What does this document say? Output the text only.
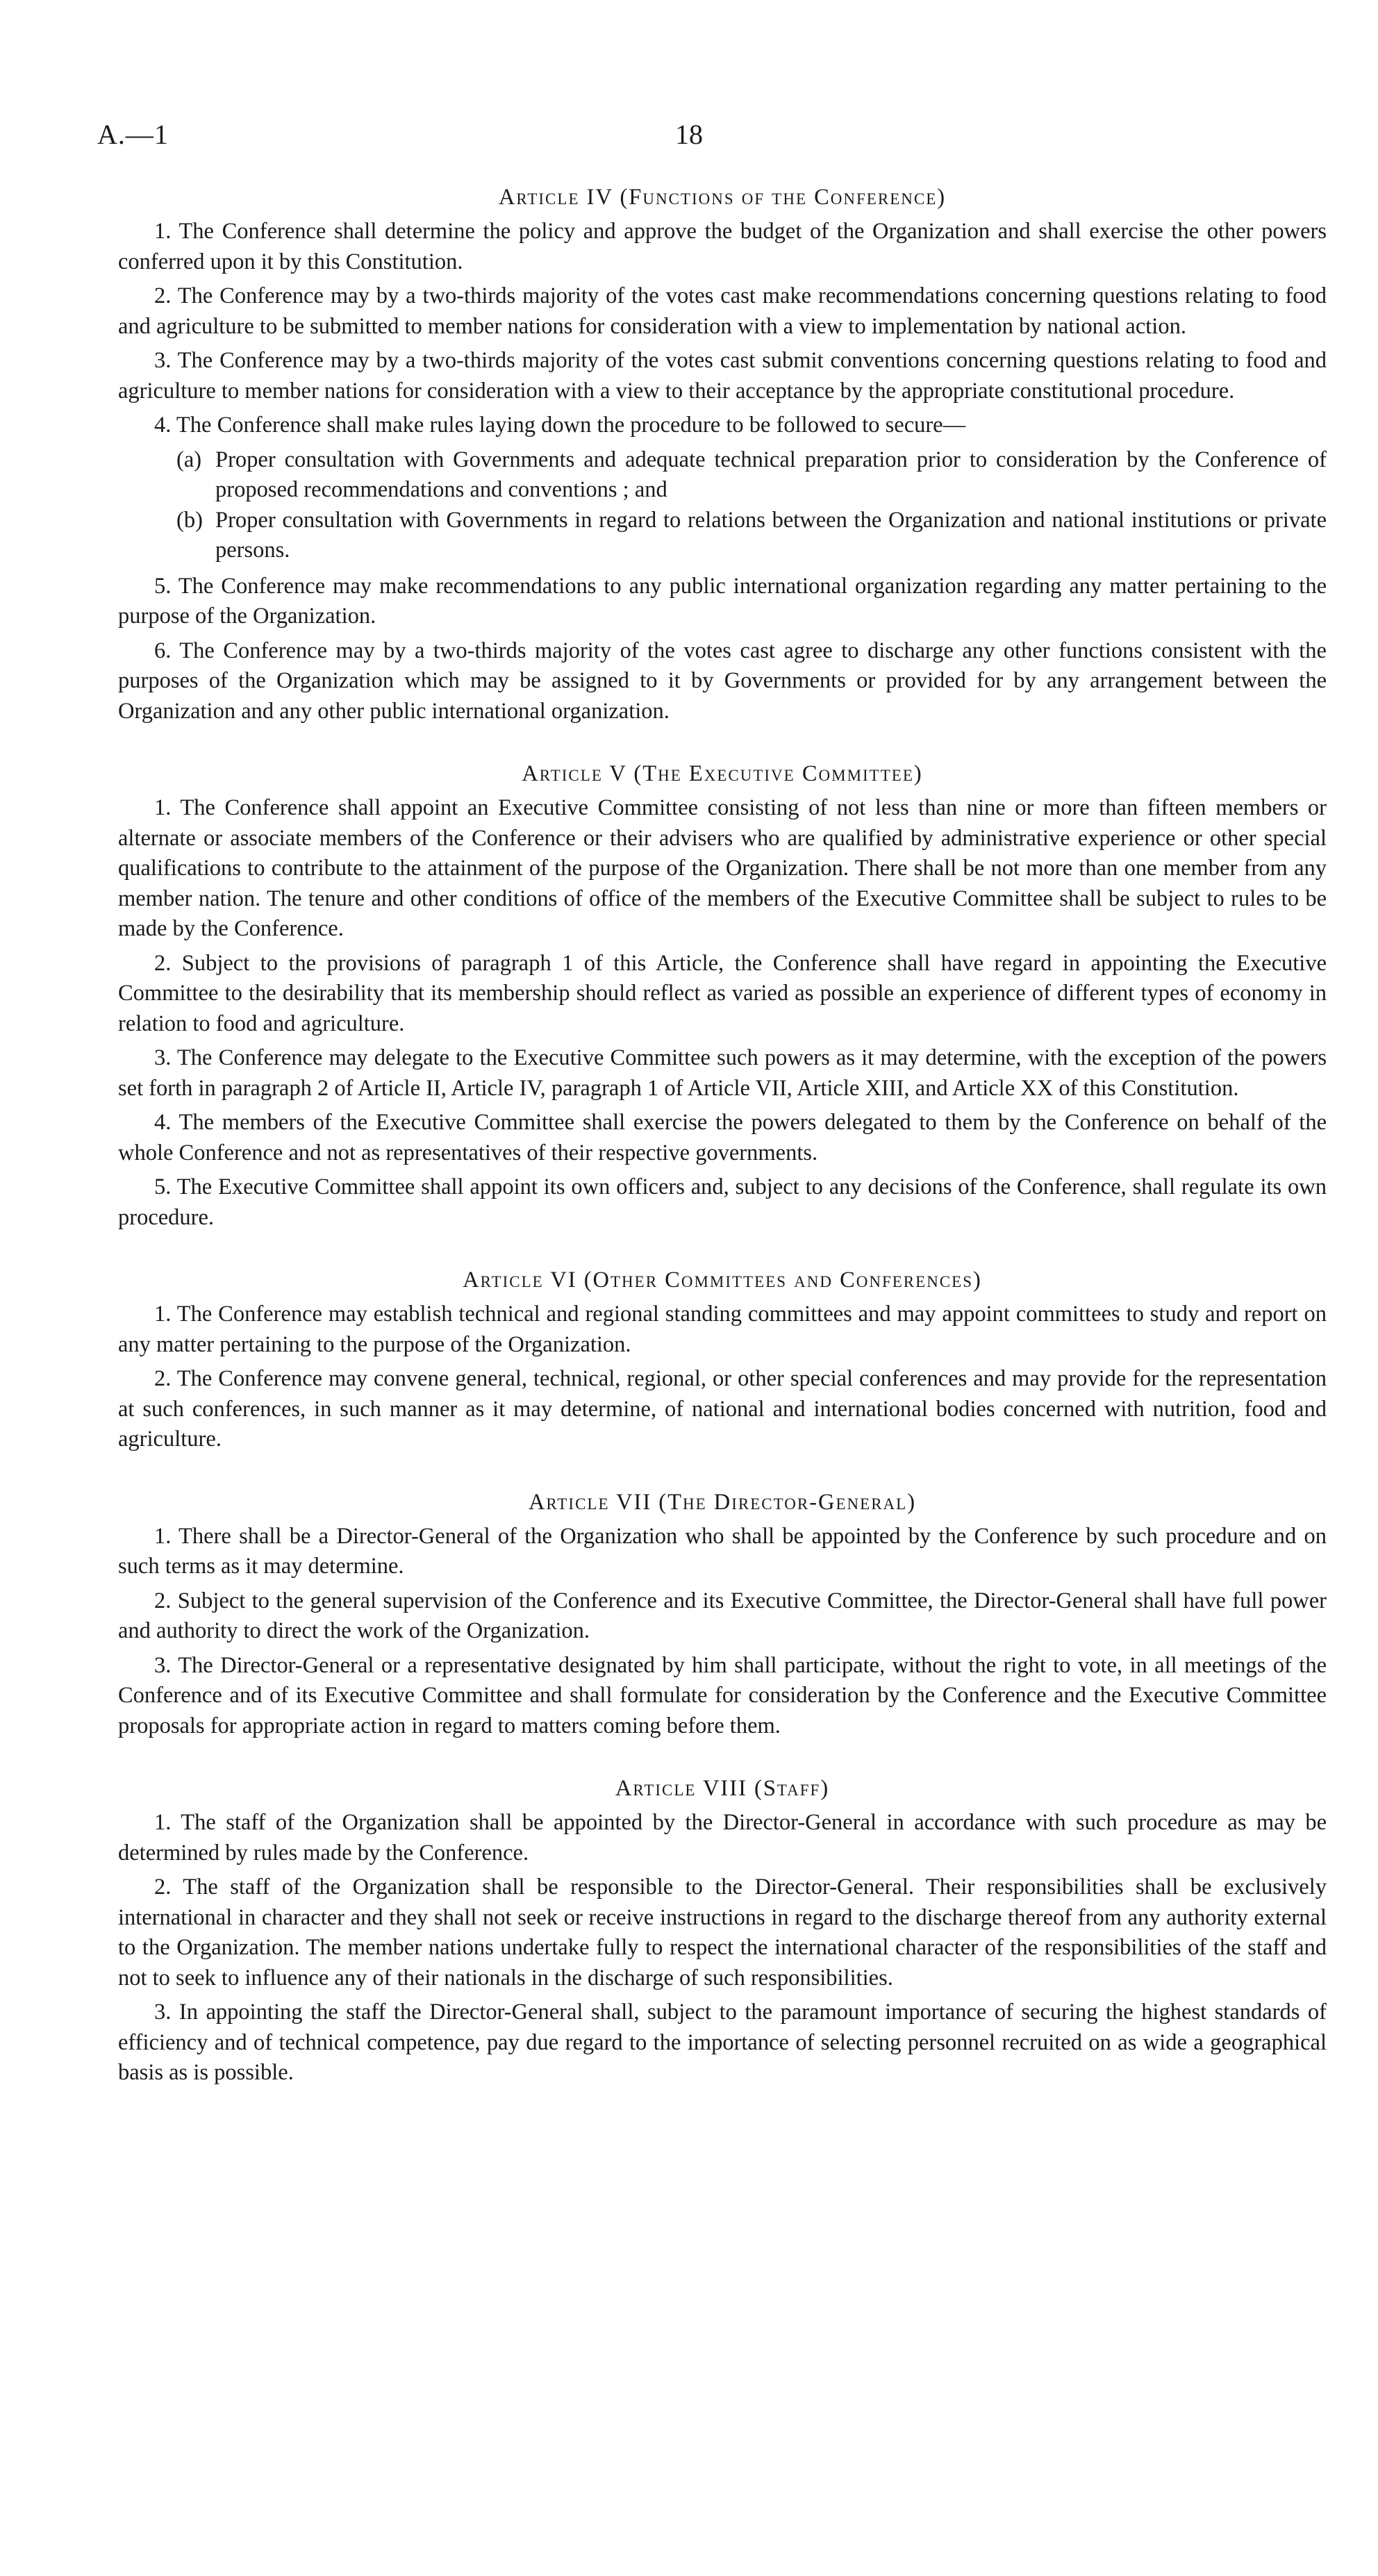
A.—1	18
Article IV (Functions of the Conference)

1. The Conference shall determine the policy and approve the budget of the Organization and shall exercise the other powers conferred upon it by this Constitution.

2. The Conference may by a two-thirds majority of the votes cast make recommendations concerning questions relating to food and agriculture to be submitted to member nations for consideration with a view to implementation by national action.

3. The Conference may by a two-thirds majority of the votes cast submit conventions concerning questions relating to food and agriculture to member nations for consideration with a view to their acceptance by the appropriate constitutional procedure.

4. The Conference shall make rules laying down the procedure to be followed to secure—

(a) Proper consultation with Governments and adequate technical preparation prior to consideration by the Conference of proposed recommendations and conventions ; and

(b) Proper consultation with Governments in regard to relations between the Organization and national institutions or private persons.

5. The Conference may make recommendations to any public international organization regarding any matter pertaining to the purpose of the Organization.

6. The Conference may by a two-thirds majority of the votes cast agree to discharge any other functions consistent with the purposes of the Organization which may be assigned to it by Governments or provided for by any arrangement between the Organization and any other public international organization.

Article V (The Executive Committee)

1. The Conference shall appoint an Executive Committee consisting of not less than nine or more than fifteen members or alternate or associate members of the Conference or their advisers who are qualified by administrative experience or other special qualifications to contribute to the attainment of the purpose of the Organization. There shall be not more than one member from any member nation. The tenure and other conditions of office of the members of the Executive Committee shall be subject to rules to be made by the Conference.

2. Subject to the provisions of paragraph 1 of this Article, the Conference shall have regard in appointing the Executive Committee to the desirability that its membership should reflect as varied as possible an experience of different types of economy in relation to food and agriculture.

3. The Conference may delegate to the Executive Committee such powers as it may determine, with the exception of the powers set forth in paragraph 2 of Article II, Article IV, paragraph 1 of Article VII, Article XIII, and Article XX of this Constitution.

4. The members of the Executive Committee shall exercise the powers delegated to them by the Conference on behalf of the whole Conference and not as representatives of their respective governments.

5. The Executive Committee shall appoint its own officers and, subject to any decisions of the Conference, shall regulate its own procedure.

Article VI (Other Committees and Conferences)

1. The Conference may establish technical and regional standing committees and may appoint committees to study and report on any matter pertaining to the purpose of the Organization.

2. The Conference may convene general, technical, regional, or other special conferences and may provide for the representation at such conferences, in such manner as it may determine, of national and international bodies concerned with nutrition, food and agriculture.

Article VII (The Director-General)

1. There shall be a Director-General of the Organization who shall be appointed by the Conference by such procedure and on such terms as it may determine.

2. Subject to the general supervision of the Conference and its Executive Committee, the Director-General shall have full power and authority to direct the work of the Organization.

3. The Director-General or a representative designated by him shall participate, without the right to vote, in all meetings of the Conference and of its Executive Committee and shall formulate for consideration by the Conference and the Executive Committee proposals for appropriate action in regard to matters coming before them.

Article VIII (Staff)

1. The staff of the Organization shall be appointed by the Director-General in accordance with such procedure as may be determined by rules made by the Conference.

2. The staff of the Organization shall be responsible to the Director-General. Their responsibilities shall be exclusively international in character and they shall not seek or receive instructions in regard to the discharge thereof from any authority external to the Organization. The member nations undertake fully to respect the international character of the responsibilities of the staff and not to seek to influence any of their nationals in the discharge of such responsibilities.

3. In appointing the staff the Director-General shall, subject to the paramount importance of securing the highest standards of efficiency and of technical competence, pay due regard to the importance of selecting personnel recruited on as wide a geographical basis as is possible.
